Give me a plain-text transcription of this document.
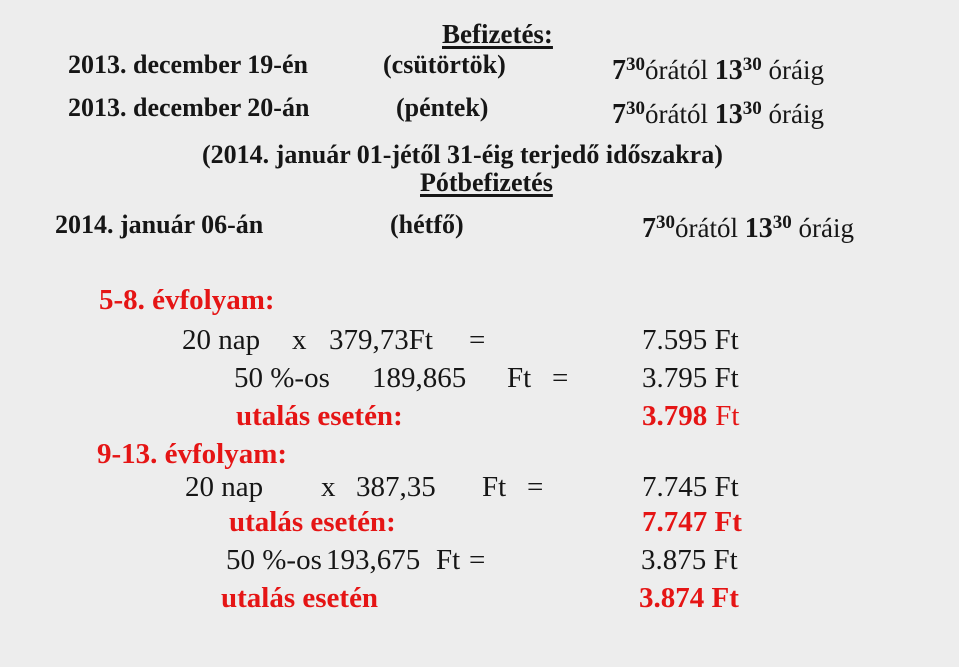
Befizetés:
2013. december 19-én	(csütörtök)	$7^{30}órától$ $13^{30}$ óráig
2013. december 20-án	(péntek)	$7^{30}órától$ $13^{30}$ óráig
(2014. január 01-jétől 31-éig terjedő időszakra)
Pótbefizetés
2014. január 06-án	(hétfő)	$7^{30}órától$ $13^{30}$ óráig
5-8. évfolyam:
20 nap x 379,73Ft =	7.595 Ft
50 %-os 189,865 Ft =	3.795 Ft
utalás esetén:	3.798 Ft
9-13. évfolyam:
20 nap x 387,35 Ft =	7.745 Ft
utalás esetén:	7.747 Ft
50 %-os 193,675 Ft =	3.875 Ft
utalás esetén	3.874 Ft
